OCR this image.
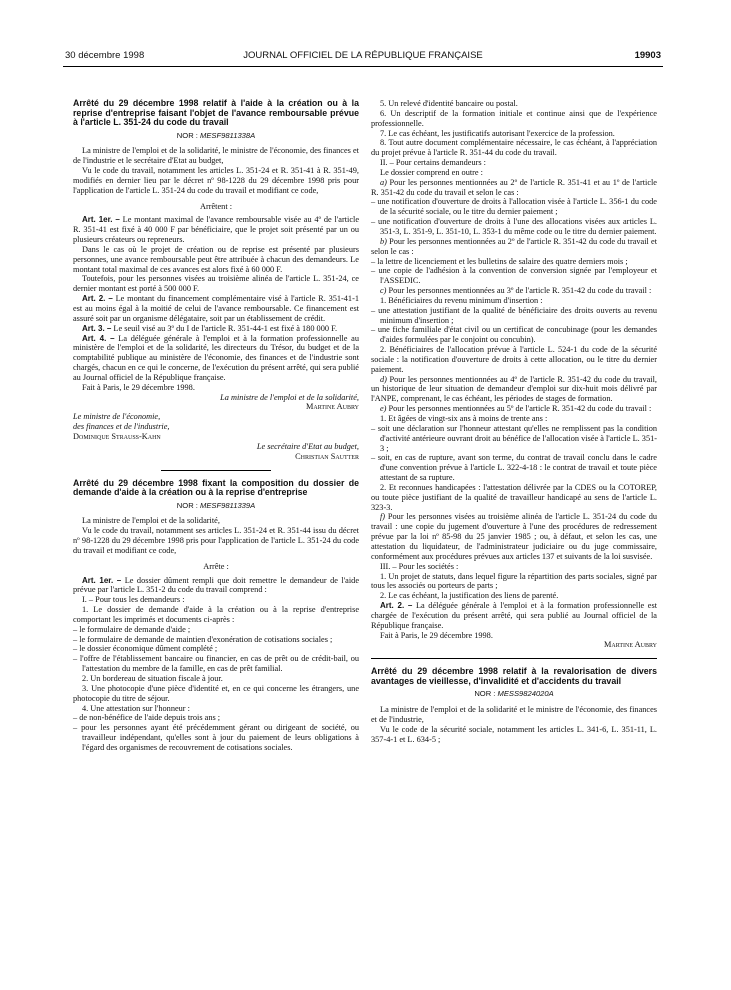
30 décembre 1998	JOURNAL OFFICIEL DE LA RÉPUBLIQUE FRANÇAISE	19903

Arrêté du 29 décembre 1998 relatif à l'aide à la création ou à la reprise d'entreprise faisant l'objet de l'avance remboursable prévue à l'article L. 351-24 du code du travail

NOR : MESF9811338A

La ministre de l'emploi et de la solidarité, le ministre de l'économie, des finances et de l'industrie et le secrétaire d'Etat au budget,

Vu le code du travail, notamment les articles L. 351-24 et R. 351-41 à R. 351-49, modifiés en dernier lieu par le décret nº 98-1228 du 29 décembre 1998 pris pour l'application de l'article L. 351-24 du code du travail et modifiant ce code,

Arrêtent :

Art. 1er. – Le montant maximal de l'avance remboursable visée au 4º de l'article R. 351-41 est fixé à 40 000 F par bénéficiaire, que le projet soit présenté par un ou plusieurs créateurs ou repreneurs.

Dans le cas où le projet de création ou de reprise est présenté par plusieurs personnes, une avance remboursable peut être attribuée à chacun des demandeurs. Le montant total maximal de ces avances est alors fixé à 60 000 F.

Toutefois, pour les personnes visées au troisième alinéa de l'article L. 351-24, ce dernier montant est porté à 500 000 F.

Art. 2. – Le montant du financement complémentaire visé à l'article R. 351-41-1 est au moins égal à la moitié de celui de l'avance remboursable. Ce financement est assuré soit par un organisme délégataire, soit par un établissement de crédit.

Art. 3. – Le seuil visé au 3º du I de l'article R. 351-44-1 est fixé à 180 000 F.

Art. 4. – La déléguée générale à l'emploi et à la formation professionnelle au ministère de l'emploi et de la solidarité, les directeurs du Trésor, du budget et de la comptabilité publique au ministère de l'économie, des finances et de l'industrie sont chargés, chacun en ce qui le concerne, de l'exécution du présent arrêté, qui sera publié au Journal officiel de la République française.

Fait à Paris, le 29 décembre 1998.

La ministre de l'emploi et de la solidarité,

Martine Aubry

Le ministre de l'économie,

des finances et de l'industrie,

Dominique Strauss-Kahn

Le secrétaire d'Etat au budget,

Christian Sautter

Arrêté du 29 décembre 1998 fixant la composition du dossier de demande d'aide à la création ou à la reprise d'entreprise

NOR : MESF9811339A

La ministre de l'emploi et de la solidarité,

Vu le code du travail, notamment ses articles L. 351-24 et R. 351-44 issu du décret nº 98-1228 du 29 décembre 1998 pris pour l'application de l'article L. 351-24 du code du travail et modifiant ce code,

Arrête :

Art. 1er. – Le dossier dûment rempli que doit remettre le demandeur de l'aide prévue par l'article L. 351-2 du code du travail comprend :

I. – Pour tous les demandeurs :

1. Le dossier de demande d'aide à la création ou à la reprise d'entreprise comportant les imprimés et documents ci-après :

– le formulaire de demande d'aide ;

– le formulaire de demande de maintien d'exonération de cotisations sociales ;

– le dossier économique dûment complété ;

– l'offre de l'établissement bancaire ou financier, en cas de prêt ou de crédit-bail, ou l'attestation du membre de la famille, en cas de prêt familial.

2. Un bordereau de situation fiscale à jour.

3. Une photocopie d'une pièce d'identité et, en ce qui concerne les étrangers, une photocopie du titre de séjour.

4. Une attestation sur l'honneur :

– de non-bénéfice de l'aide depuis trois ans ;

– pour les personnes ayant été précédemment gérant ou dirigeant de société, ou travailleur indépendant, qu'elles sont à jour du paiement de leurs obligations à l'égard des organismes de recouvrement de cotisations sociales.

5. Un relevé d'identité bancaire ou postal.

6. Un descriptif de la formation initiale et continue ainsi que de l'expérience professionnelle.

7. Le cas échéant, les justificatifs autorisant l'exercice de la profession.

8. Tout autre document complémentaire nécessaire, le cas échéant, à l'appréciation du projet prévue à l'article R. 351-44 du code du travail.

II. – Pour certains demandeurs :

Le dossier comprend en outre :

a) Pour les personnes mentionnées au 2º de l'article R. 351-41 et au 1º de l'article R. 351-42 du code du travail et selon le cas :

– une notification d'ouverture de droits à l'allocation visée à l'article L. 356-1 du code de la sécurité sociale, ou le titre du dernier paiement ;

– une notification d'ouverture de droits à l'une des allocations visées aux articles L. 351-3, L. 351-9, L. 351-10, L. 353-1 du même code ou le titre du dernier paiement.

b) Pour les personnes mentionnées au 2º de l'article R. 351-42 du code du travail et selon le cas :

– la lettre de licenciement et les bulletins de salaire des quatre derniers mois ;

– une copie de l'adhésion à la convention de conversion signée par l'employeur et l'ASSEDIC.

c) Pour les personnes mentionnées au 3º de l'article R. 351-42 du code du travail :

1. Bénéficiaires du revenu minimum d'insertion :

– une attestation justifiant de la qualité de bénéficiaire des droits ouverts au revenu minimum d'insertion ;

– une fiche familiale d'état civil ou un certificat de concubinage (pour les demandes d'aides formulées par le conjoint ou concubin).

2. Bénéficiaires de l'allocation prévue à l'article L. 524-1 du code de la sécurité sociale : la notification d'ouverture de droits à cette allocation, ou le titre du dernier paiement.

d) Pour les personnes mentionnées au 4º de l'article R. 351-42 du code du travail, un historique de leur situation de demandeur d'emploi sur dix-huit mois délivré par l'ANPE, comprenant, le cas échéant, les périodes de stages de formation.

e) Pour les personnes mentionnées au 5º de l'article R. 351-42 du code du travail :

1. Et âgées de vingt-six ans à moins de trente ans :

– soit une déclaration sur l'honneur attestant qu'elles ne remplissent pas la condition d'activité antérieure ouvrant droit au bénéfice de l'allocation visée à l'article L. 351-3 ;

– soit, en cas de rupture, avant son terme, du contrat de travail conclu dans le cadre d'une convention prévue à l'article L. 322-4-18 : le contrat de travail et toute pièce attestant de sa rupture.

2. Et reconnues handicapées : l'attestation délivrée par la CDES ou la COTOREP, ou toute pièce justifiant de la qualité de travailleur handicapé au sens de l'article L. 323-3.

f) Pour les personnes visées au troisième alinéa de l'article L. 351-24 du code du travail : une copie du jugement d'ouverture à l'une des procédures de redressement prévue par la loi nº 85-98 du 25 janvier 1985 ; ou, à défaut, et selon les cas, une attestation du liquidateur, de l'administrateur judiciaire ou du juge commissaire, conformément aux procédures prévues aux articles 137 et suivants de la loi susvisée.

III. – Pour les sociétés :

1. Un projet de statuts, dans lequel figure la répartition des parts sociales, signé par tous les associés ou porteurs de parts ;

2. Le cas échéant, la justification des liens de parenté.

Art. 2. – La déléguée générale à l'emploi et à la formation professionnelle est chargée de l'exécution du présent arrêté, qui sera publié au Journal officiel de la République française.

Fait à Paris, le 29 décembre 1998.

Martine Aubry

Arrêté du 29 décembre 1998 relatif à la revalorisation de divers avantages de vieillesse, d'invalidité et d'accidents du travail

NOR : MESS9824020A

La ministre de l'emploi et de la solidarité et le ministre de l'économie, des finances et de l'industrie,

Vu le code de la sécurité sociale, notamment les articles L. 341-6, L. 351-11, L. 357-4-1 et L. 634-5 ;
